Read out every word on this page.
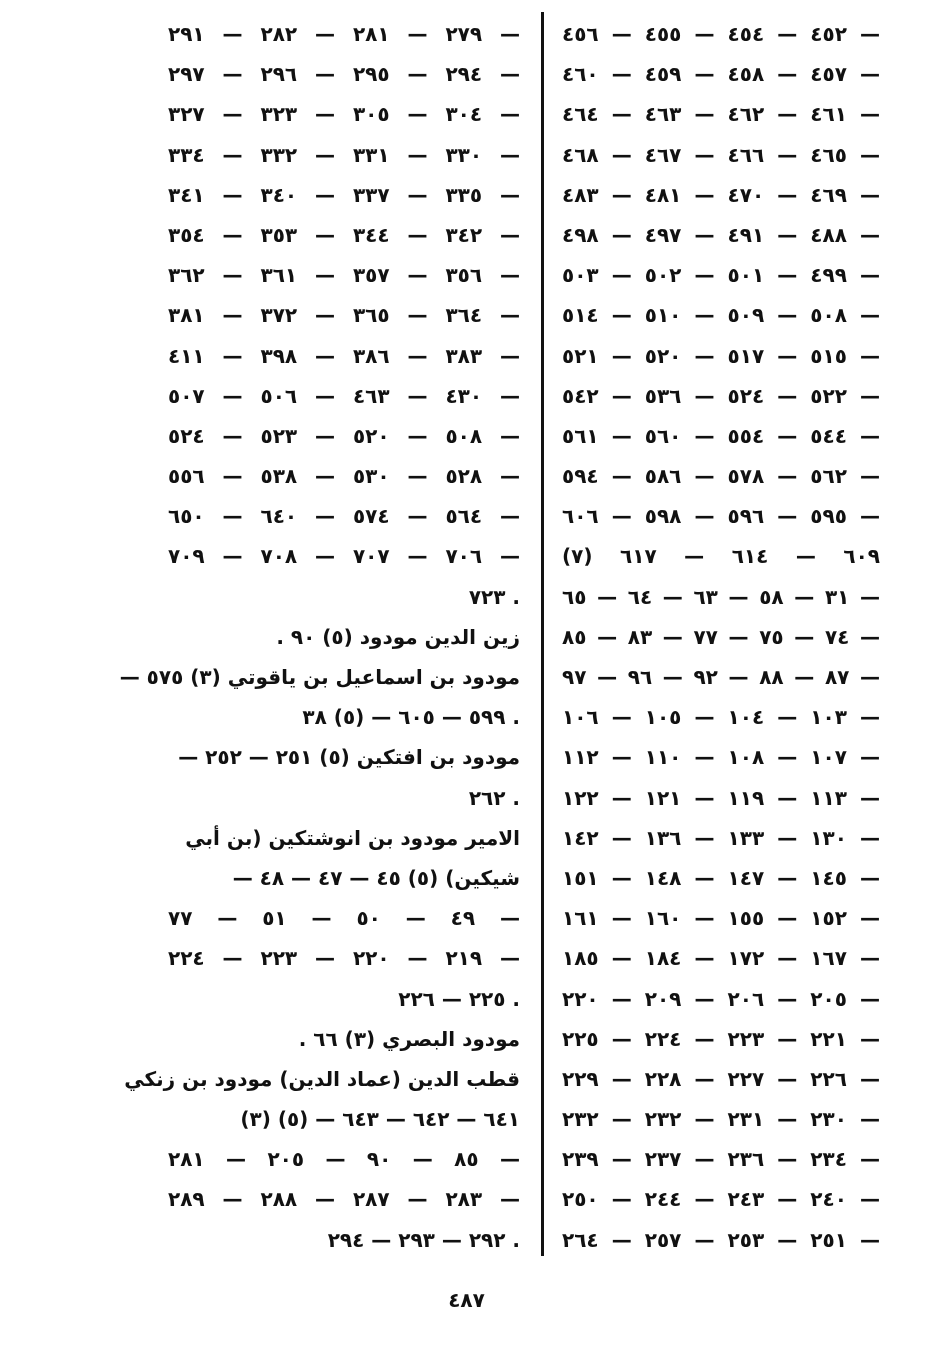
٤٥٢ — ٤٥٤ — ٤٥٥ — ٤٥٦ —
٤٥٧ — ٤٥٨ — ٤٥٩ — ٤٦٠ —
٤٦١ — ٤٦٢ — ٤٦٣ — ٤٦٤ —
٤٦٥ — ٤٦٦ — ٤٦٧ — ٤٦٨ —
٤٦٩ — ٤٧٠ — ٤٨١ — ٤٨٣ —
٤٨٨ — ٤٩١ — ٤٩٧ — ٤٩٨ —
٤٩٩ — ٥٠١ — ٥٠٢ — ٥٠٣ —
٥٠٨ — ٥٠٩ — ٥١٠ — ٥١٤ —
٥١٥ — ٥١٧ — ٥٢٠ — ٥٢١ —
٥٢٢ — ٥٢٤ — ٥٣٦ — ٥٤٢ —
٥٤٤ — ٥٥٤ — ٥٦٠ — ٥٦١ —
٥٦٢ — ٥٧٨ — ٥٨٦ — ٥٩٤ —
٥٩٥ — ٥٩٦ — ٥٩٨ — ٦٠٦ —
٦٠٩ — ٦١٤ — ٦١٧ (٧)
٣١ — ٥٨ — ٦٣ — ٦٤ — ٦٥ —
٧٤ — ٧٥ — ٧٧ — ٨٣ — ٨٥ —
٨٧ — ٨٨ — ٩٢ — ٩٦ — ٩٧ —
١٠٣ — ١٠٤ — ١٠٥ — ١٠٦ —
١٠٧ — ١٠٨ — ١١٠ — ١١٢ —
١١٣ — ١١٩ — ١٢١ — ١٢٢ —
١٣٠ — ١٣٣ — ١٣٦ — ١٤٢ —
١٤٥ — ١٤٧ — ١٤٨ — ١٥١ —
١٥٢ — ١٥٥ — ١٦٠ — ١٦١ —
١٦٧ — ١٧٢ — ١٨٤ — ١٨٥ —
٢٠٥ — ٢٠٦ — ٢٠٩ — ٢٢٠ —
٢٢١ — ٢٢٣ — ٢٢٤ — ٢٢٥ —
٢٢٦ — ٢٢٧ — ٢٢٨ — ٢٢٩ —
٢٣٠ — ٢٣١ — ٢٣٢ — ٢٣٢ —
٢٣٤ — ٢٣٦ — ٢٣٧ — ٢٣٩ —
٢٤٠ — ٢٤٣ — ٢٤٤ — ٢٥٠ —
٢٥١ — ٢٥٣ — ٢٥٧ — ٢٦٤ —
٢٧٩ — ٢٨١ — ٢٨٢ — ٢٩١ —
٢٩٤ — ٢٩٥ — ٢٩٦ — ٢٩٧ —
٣٠٤ — ٣٠٥ — ٣٢٣ — ٣٢٧ —
٣٣٠ — ٣٣١ — ٣٣٢ — ٣٣٤ —
٣٣٥ — ٣٣٧ — ٣٤٠ — ٣٤١ —
٣٤٢ — ٣٤٤ — ٣٥٣ — ٣٥٤ —
٣٥٦ — ٣٥٧ — ٣٦١ — ٣٦٢ —
٣٦٤ — ٣٦٥ — ٣٧٢ — ٣٨١ —
٣٨٣ — ٣٨٦ — ٣٩٨ — ٤١١ —
٤٣٠ — ٤٦٣ — ٥٠٦ — ٥٠٧ —
٥٠٨ — ٥٢٠ — ٥٢٣ — ٥٢٤ —
٥٢٨ — ٥٣٠ — ٥٣٨ — ٥٥٦ —
٥٦٤ — ٥٧٤ — ٦٤٠ — ٦٥٠ —
٧٠٦ — ٧٠٧ — ٧٠٨ — ٧٠٩ —
٧٢٣ .
زين الدين مودود (٥) ٩٠ .
مودود بن اسماعيل بن ياقوتي (٣) ٥٧٥ —
٥٩٩ — ٦٠٥ — (٥) ٣٨ .
مودود بن افتكين (٥) ٢٥١ — ٢٥٢ —
٢٦٢ .
الامير مودود بن انوشتكين (بن أبي
شيكين) (٥) ٤٥ — ٤٧ — ٤٨ —
٤٩ — ٥٠ — ٥١ — ٧٧ —
٢١٩ — ٢٢٠ — ٢٢٣ — ٢٢٤ —
٢٢٥ — ٢٢٦ .
مودود البصري (٣) ٦٦ .
قطب الدين (عماد الدين) مودود بن زنكي
(٣) ٦٤١ — ٦٤٢ — ٦٤٣ — (٥)
٨٥ — ٩٠ — ٢٠٥ — ٢٨١ —
٢٨٣ — ٢٨٧ — ٢٨٨ — ٢٨٩ —
٢٩٢ — ٢٩٣ — ٢٩٤ .
٤٨٧
